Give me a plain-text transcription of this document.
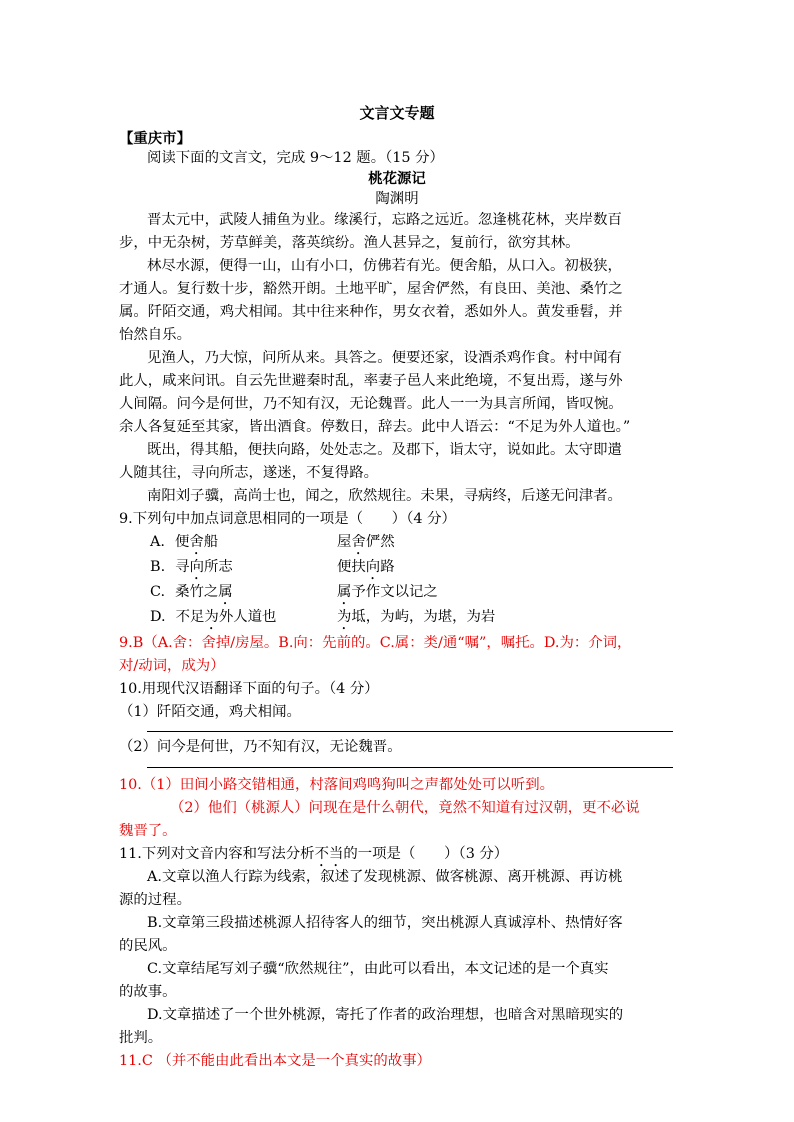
文言文专题
【重庆市】
阅读下面的文言文，完成 9～12 题。（15 分）
桃花源记
陶渊明
晋太元中，武陵人捕鱼为业。缘溪行，忘路之远近。忽逢桃花林，夹岸数百
步，中无杂树，芳草鲜美，落英缤纷。渔人甚异之，复前行，欲穷其林。
林尽水源，便得一山，山有小口，仿佛若有光。便舍船，从口入。初极狭，
才通人。复行数十步，豁然开朗。土地平旷，屋舍俨然，有良田、美池、桑竹之
属。阡陌交通，鸡犬相闻。其中往来种作，男女衣着，悉如外人。黄发垂髫，并
怡然自乐。
见渔人，乃大惊，问所从来。具答之。便要还家，设酒杀鸡作食。村中闻有
此人，咸来问讯。自云先世避秦时乱，率妻子邑人来此绝境，不复出焉，遂与外
人间隔。问今是何世，乃不知有汉，无论魏晋。此人一一为具言所闻，皆叹惋。
余人各复延至其家，皆出酒食。停数日，辞去。此中人语云：“不足为外人道也。”
既出，得其船，便扶向路，处处志之。及郡下，诣太守，说如此。太守即遣
人随其往，寻向所志，遂迷，不复得路。
南阳刘子骥，高尚士也，闻之，欣然规往。未果，寻病终，后遂无问津者。
9.下列句中加点词意思相同的一项是（　　）（4 分）
A. 便舍船	屋舍俨然
B. 寻向所志	便扶向路
C. 桑竹之属	属予作文以记之
D. 不足为外人道也	为坻，为屿，为堪，为岩
9.B（A.舍：舍掉/房屋。B.向：先前的。C.属：类/通“嘱”，嘱托。D.为：介词，
对/动词，成为）
10.用现代汉语翻译下面的句子。（4 分）
（1）阡陌交通，鸡犬相闻。
（2）问今是何世，乃不知有汉，无论魏晋。
10.（1）田间小路交错相通，村落间鸡鸣狗叫之声都处处可以听到。
（2）他们（桃源人）问现在是什么朝代，竟然不知道有过汉朝，更不必说
魏晋了。
11.下列对文音内容和写法分析不当的一项是（　　）（3 分）
A.文章以渔人行踪为线索，叙述了发现桃源、做客桃源、离开桃源、再访桃
源的过程。
B.文章第三段描述桃源人招待客人的细节，突出桃源人真诚淳朴、热情好客
的民风。
C.文章结尾写刘子骥“欣然规往”，由此可以看出，本文记述的是一个真实
的故事。
D.文章描述了一个世外桃源，寄托了作者的政治理想，也暗含对黑暗现实的
批判。
11.C （并不能由此看出本文是一个真实的故事）
